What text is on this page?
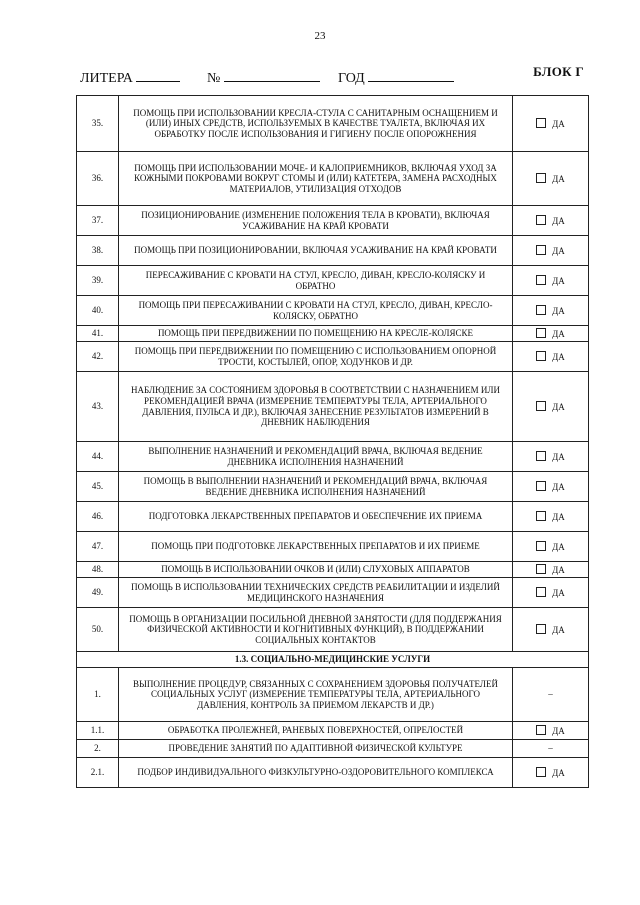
23
ЛИТЕРА	№	ГОД	БЛОК Г
35.	ПОМОЩЬ ПРИ ИСПОЛЬЗОВАНИИ КРЕСЛА-СТУЛА С САНИТАРНЫМ ОСНАЩЕНИЕМ И (ИЛИ) ИНЫХ СРЕДСТВ, ИСПОЛЬЗУЕМЫХ В КАЧЕСТВЕ ТУАЛЕТА, ВКЛЮЧАЯ ИХ ОБРАБОТКУ ПОСЛЕ ИСПОЛЬЗОВАНИЯ И ГИГИЕНУ ПОСЛЕ ОПОРОЖНЕНИЯ	ДА
36.	ПОМОЩЬ ПРИ ИСПОЛЬЗОВАНИИ МОЧЕ- И КАЛОПРИЕМНИКОВ, ВКЛЮЧАЯ УХОД ЗА КОЖНЫМИ ПОКРОВАМИ ВОКРУГ СТОМЫ И (ИЛИ) КАТЕТЕРА, ЗАМЕНА РАСХОДНЫХ МАТЕРИАЛОВ, УТИЛИЗАЦИЯ ОТХОДОВ	ДА
37.	ПОЗИЦИОНИРОВАНИЕ (ИЗМЕНЕНИЕ ПОЛОЖЕНИЯ ТЕЛА В КРОВАТИ), ВКЛЮЧАЯ УСАЖИВАНИЕ НА КРАЙ КРОВАТИ	ДА
38.	ПОМОЩЬ ПРИ ПОЗИЦИОНИРОВАНИИ, ВКЛЮЧАЯ УСАЖИВАНИЕ НА КРАЙ КРОВАТИ	ДА
39.	ПЕРЕСАЖИВАНИЕ С КРОВАТИ НА СТУЛ, КРЕСЛО, ДИВАН, КРЕСЛО-КОЛЯСКУ И ОБРАТНО	ДА
40.	ПОМОЩЬ ПРИ ПЕРЕСАЖИВАНИИ С КРОВАТИ НА СТУЛ, КРЕСЛО, ДИВАН, КРЕСЛО-КОЛЯСКУ, ОБРАТНО	ДА
41.	ПОМОЩЬ ПРИ ПЕРЕДВИЖЕНИИ ПО ПОМЕЩЕНИЮ НА КРЕСЛЕ-КОЛЯСКЕ	ДА
42.	ПОМОЩЬ ПРИ ПЕРЕДВИЖЕНИИ ПО ПОМЕЩЕНИЮ С ИСПОЛЬЗОВАНИЕМ ОПОРНОЙ ТРОСТИ, КОСТЫЛЕЙ, ОПОР, ХОДУНКОВ И ДР.	ДА
43.	НАБЛЮДЕНИЕ ЗА СОСТОЯНИЕМ ЗДОРОВЬЯ В СООТВЕТСТВИИ С НАЗНАЧЕНИЕМ ИЛИ РЕКОМЕНДАЦИЕЙ ВРАЧА (ИЗМЕРЕНИЕ ТЕМПЕРАТУРЫ ТЕЛА, АРТЕРИАЛЬНОГО ДАВЛЕНИЯ, ПУЛЬСА И ДР.), ВКЛЮЧАЯ ЗАНЕСЕНИЕ РЕЗУЛЬТАТОВ ИЗМЕРЕНИЙ В ДНЕВНИК НАБЛЮДЕНИЯ	ДА
44.	ВЫПОЛНЕНИЕ НАЗНАЧЕНИЙ И РЕКОМЕНДАЦИЙ ВРАЧА, ВКЛЮЧАЯ ВЕДЕНИЕ ДНЕВНИКА ИСПОЛНЕНИЯ НАЗНАЧЕНИЙ	ДА
45.	ПОМОЩЬ В ВЫПОЛНЕНИИ НАЗНАЧЕНИЙ И РЕКОМЕНДАЦИЙ ВРАЧА, ВКЛЮЧАЯ ВЕДЕНИЕ ДНЕВНИКА ИСПОЛНЕНИЯ НАЗНАЧЕНИЙ	ДА
46.	ПОДГОТОВКА ЛЕКАРСТВЕННЫХ ПРЕПАРАТОВ И ОБЕСПЕЧЕНИЕ ИХ ПРИЕМА	ДА
47.	ПОМОЩЬ ПРИ ПОДГОТОВКЕ ЛЕКАРСТВЕННЫХ ПРЕПАРАТОВ И ИХ ПРИЕМЕ	ДА
48.	ПОМОЩЬ В ИСПОЛЬЗОВАНИИ ОЧКОВ И (ИЛИ) СЛУХОВЫХ АППАРАТОВ	ДА
49.	ПОМОЩЬ В ИСПОЛЬЗОВАНИИ ТЕХНИЧЕСКИХ СРЕДСТВ РЕАБИЛИТАЦИИ И ИЗДЕЛИЙ МЕДИЦИНСКОГО НАЗНАЧЕНИЯ	ДА
50.	ПОМОЩЬ В ОРГАНИЗАЦИИ ПОСИЛЬНОЙ ДНЕВНОЙ ЗАНЯТОСТИ (ДЛЯ ПОДДЕРЖАНИЯ ФИЗИЧЕСКОЙ АКТИВНОСТИ И КОГНИТИВНЫХ ФУНКЦИЙ), В ПОДДЕРЖАНИИ СОЦИАЛЬНЫХ КОНТАКТОВ	ДА
1.3. СОЦИАЛЬНО-МЕДИЦИНСКИЕ УСЛУГИ		
1.	ВЫПОЛНЕНИЕ ПРОЦЕДУР, СВЯЗАННЫХ С СОХРАНЕНИЕМ ЗДОРОВЬЯ ПОЛУЧАТЕЛЕЙ СОЦИАЛЬНЫХ УСЛУГ (ИЗМЕРЕНИЕ ТЕМПЕРАТУРЫ ТЕЛА, АРТЕРИАЛЬНОГО ДАВЛЕНИЯ, КОНТРОЛЬ ЗА ПРИЕМОМ ЛЕКАРСТВ И ДР.)	–
1.1.	ОБРАБОТКА ПРОЛЕЖНЕЙ, РАНЕВЫХ ПОВЕРХНОСТЕЙ, ОПРЕЛОСТЕЙ	ДА
2.	ПРОВЕДЕНИЕ ЗАНЯТИЙ ПО АДАПТИВНОЙ ФИЗИЧЕСКОЙ КУЛЬТУРЕ	–
2.1.	ПОДБОР ИНДИВИДУАЛЬНОГО ФИЗКУЛЬТУРНО-ОЗДОРОВИТЕЛЬНОГО КОМПЛЕКСА	ДА
